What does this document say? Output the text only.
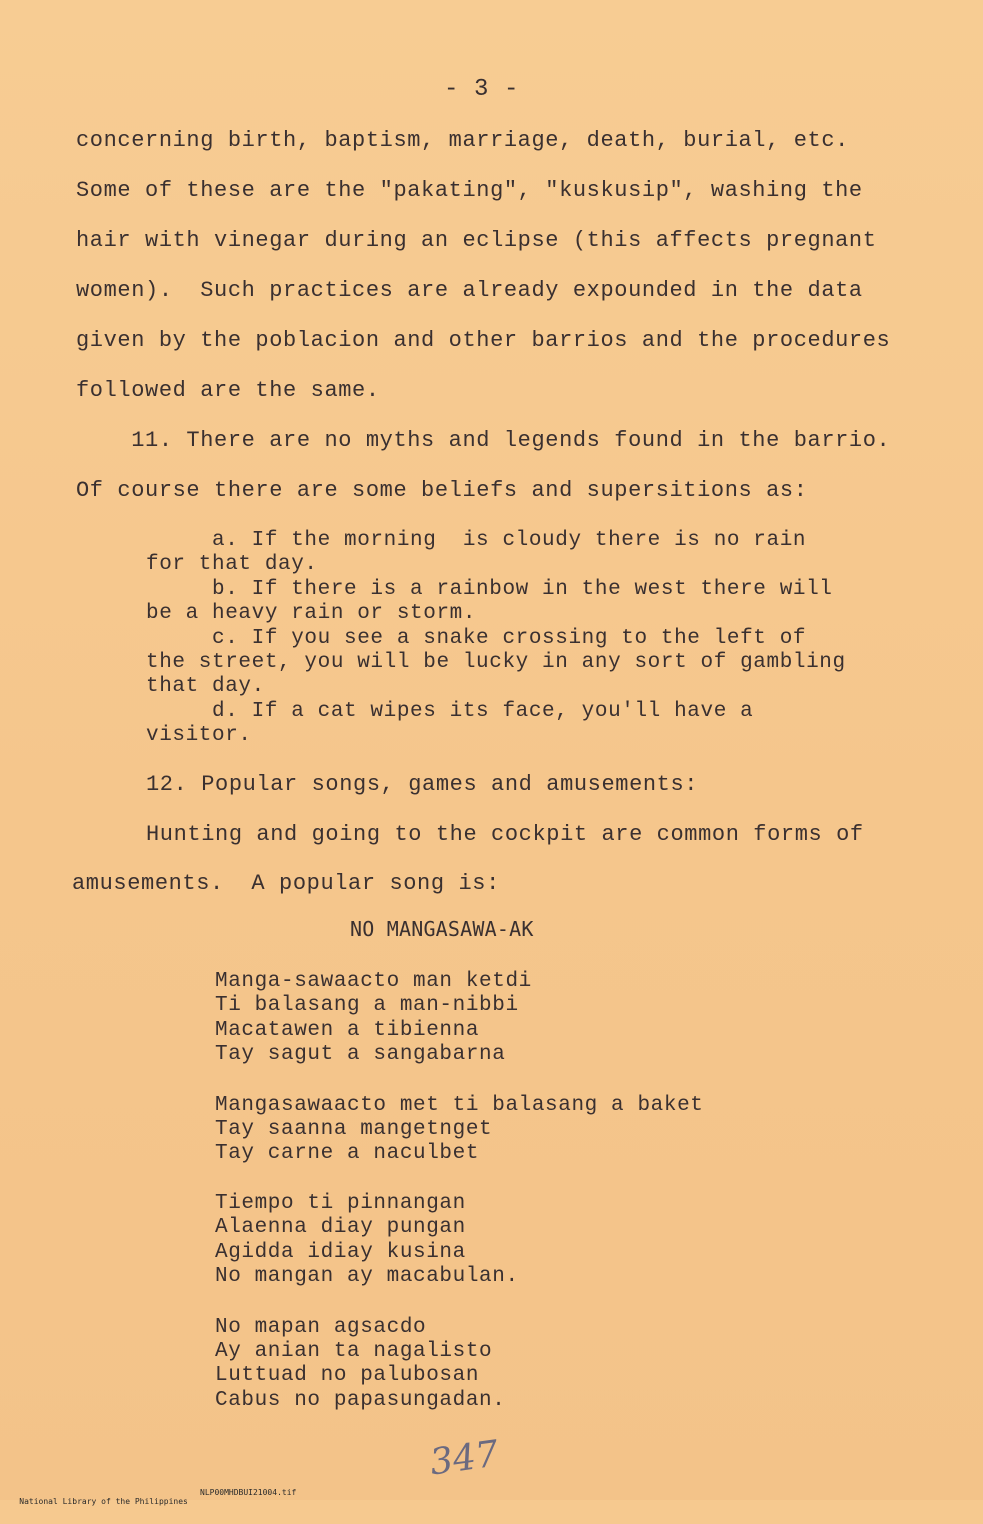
- 3 -
concerning birth, baptism, marriage, death, burial, etc.
Some of these are the "pakating", "kuskusip", washing the
hair with vinegar during an eclipse (this affects pregnant
women).  Such practices are already expounded in the data
given by the poblacion and other barrios and the procedures
followed are the same.
11. There are no myths and legends found in the barrio.
Of course there are some beliefs and supersitions as:
a. If the morning  is cloudy there is no rain
for that day.
b. If there is a rainbow in the west there will
be a heavy rain or storm.
c. If you see a snake crossing to the left of
the street, you will be lucky in any sort of gambling
that day.
d. If a cat wipes its face, you'll have a
visitor.
12. Popular songs, games and amusements:
Hunting and going to the cockpit are common forms of
amusements.  A popular song is:
NO MANGASAWA-AK
Manga-sawaacto man ketdi
Ti balasang a man-nibbi
Macatawen a tibienna
Tay sagut a sangabarna
Mangasawaacto met ti balasang a baket
Tay saanna mangetnget
Tay carne a naculbet
Tiempo ti pinnangan
Alaenna diay pungan
Agidda idiay kusina
No mangan ay macabulan.
No mapan agsacdo
Ay anian ta nagalisto
Luttuad no palubosan
Cabus no papasungadan.
347

National Library of the Philippines

NLP00MHDBUI21004.tif
